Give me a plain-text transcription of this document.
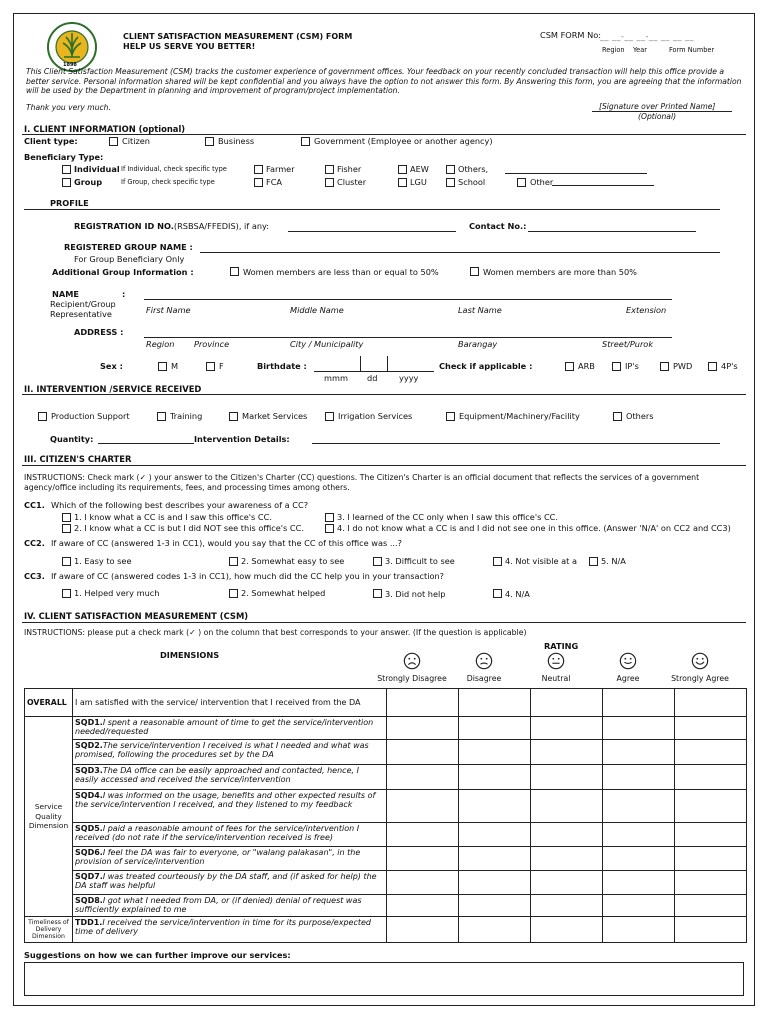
1898
CLIENT SATISFACTION MEASUREMENT (CSM) FORM
HELP US SERVE YOU BETTER!
CSM FORM No: __ __-__ __-__ __ __ __
Region Year	Form Number
This Client Satisfaction Measurement (CSM) tracks the customer experience of government offices. Your feedback on your recently concluded transaction will help this office provide a better service. Personal information shared will be kept confidential and you always have the option to not answer this form. By Answering this form, you are agreeing that the information will be used by the Department in planning and improvement of program/project implementation.
Thank you very much.	[Signature over Printed Name]
(Optional)
I. CLIENT INFORMATION (optional)
Client type:	Citizen	Business	Government (Employee or another agency)
Beneficiary Type:
Individual If Individual, check specific type
Group	If Group, check specific type
Farmer	Fisher	AEW	Others,
FCA	Cluster	LGU	School	Other
PROFILE
REGISTRATION ID NO.(RSBSA/FFEDIS), if any:	Contact No.:
REGISTERED GROUP NAME :
For Group Beneficiary Only
Additional Group Information :	Women members are less than or equal to 50%	Women members are more than 50%
NAME	:
Recipient/Group
Representative	First Name	Middle Name	Last Name	Extension
ADDRESS :
Region Province	City / Municipality	Barangay	Street/Purok
Sex :	M	F	Birthdate :
mmm dd	yyyy
Check if applicable :	ARB	IP's	PWD	4P's
II. INTERVENTION /SERVICE RECEIVED
Production Support	Training	Market Services	Irrigation Services	Equipment/Machinery/Facility	Others
Quantity:	Intervention Details:
III. CITIZEN'S CHARTER
INSTRUCTIONS: Check mark (✓ ) your answer to the Citizen's Charter (CC) questions. The Citizen's Charter is an official document that reflects the services of a government agency/office including its requirements, fees, and processing times among others.
CC1. Which of the following best describes your awareness of a CC?
1. I know what a CC is and I saw this office's CC.
2. I know what a CC is but I did NOT see this office's CC.
3. I learned of the CC only when I saw this office's CC.
4. I do not know what a CC is and I did not see one in this office. (Answer 'N/A' on CC2 and CC3)
CC2. If aware of CC (answered 1-3 in CC1), would you say that the CC of this office was ...?
1. Easy to see	2. Somewhat easy to see	3. Difficult to see	4. Not visible at a	5. N/A
CC3. If aware of CC (answered codes 1-3 in CC1), how much did the CC help you in your transaction?
1. Helped very much	2. Somewhat helped	3. Did not help	4. N/A
IV. CLIENT SATISFACTION MEASUREMENT (CSM)
INSTRUCTIONS: please put a check mark (✓ ) on the column that best corresponds to your answer. (If the question is applicable)
RATING
DIMENSIONS
Strongly Disagree	Disagree	Neutral	Agree	Strongly Agree
OVERALL	I am satisfied with the service/ intervention that I received from the DA					
Service Quality Dimension	SQD1.I spent a reasonable amount of time to get the service/intervention needed/requested					
	SQD2.The service/intervention I received is what I needed and what was promised, following the procedures set by the DA					
	SQD3.The DA office can be easily approached and contacted, hence, I easily accessed and received the service/intervention					
	SQD4.I was informed on the usage, benefits and other expected results of the service/intervention I received, and they listened to my feedback					
	SQD5.I paid a reasonable amount of fees for the service/intervention I received (do not rate if the service/intervention received is free)					
	SQD6.I feel the DA was fair to everyone, or "walang palakasan", in the provision of service/intervention					
	SQD7.I was treated courteously by the DA staff, and (if asked for help) the DA staff was helpful					
	SQD8.I got what I needed from DA, or (if denied) denial of request was sufficiently explained to me					
Timeliness of Delivery Dimension	TDD1.I received the service/intervention in time for its purpose/expected time of delivery					
Suggestions on how we can further improve our services:
